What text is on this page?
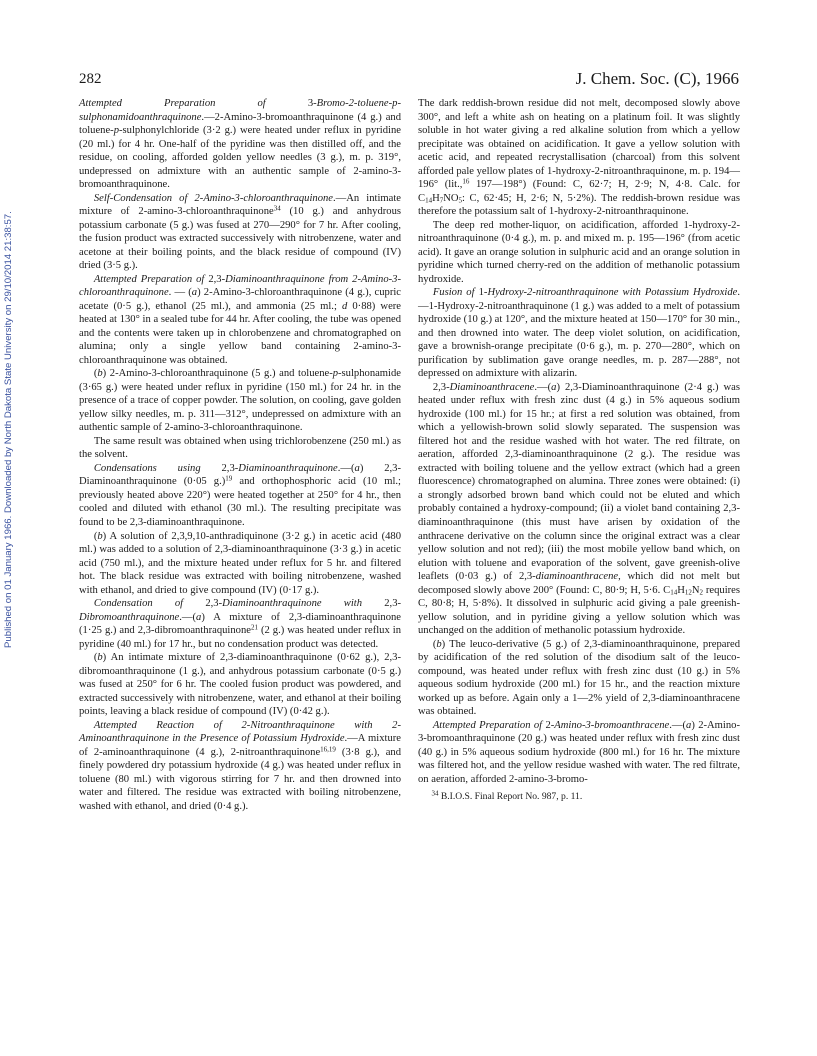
Published on 01 January 1966. Downloaded by North Dakota State University on 29/10/2014 21:38:57.
282	J. Chem. Soc. (C), 1966

Attempted Preparation of 3-Bromo-2-toluene-p-sulphonamidoanthraquinone.—2-Amino-3-bromoanthraquinone (4 g.) and toluene-p-sulphonylchloride (3·2 g.) were heated under reflux in pyridine (20 ml.) for 4 hr. One-half of the pyridine was then distilled off, and the residue, on cooling, afforded golden yellow needles (3 g.), m. p. 319°, undepressed on admixture with an authentic sample of 2-amino-3-bromoanthraquinone.

Self-Condensation of 2-Amino-3-chloroanthraquinone.—An intimate mixture of 2-amino-3-chloroanthraquinone$^{34}$ (10 g.) and anhydrous potassium carbonate (5 g.) was fused at 270—290° for 7 hr. After cooling, the fusion product was extracted successively with nitrobenzene, water and acetone at their boiling points, and the black residue of compound (IV) dried (3·5 g.).

Attempted Preparation of 2,3-Diaminoanthraquinone from 2-Amino-3-chloroanthraquinone. — (a) 2-Amino-3-chloroanthraquinone (4 g.), cupric acetate (0·5 g.), ethanol (25 ml.), and ammonia (25 ml.; d 0·88) were heated at 130° in a sealed tube for 44 hr. After cooling, the tube was opened and the contents were taken up in chlorobenzene and chromatographed on alumina; only a single yellow band containing 2-amino-3-chloroanthraquinone was obtained.

(b) 2-Amino-3-chloroanthraquinone (5 g.) and toluene-p-sulphonamide (3·65 g.) were heated under reflux in pyridine (150 ml.) for 24 hr. in the presence of a trace of copper powder. The solution, on cooling, gave golden yellow silky needles, m. p. 311—312°, undepressed on admixture with an authentic sample of 2-amino-3-chloroanthraquinone.

The same result was obtained when using trichlorobenzene (250 ml.) as the solvent.

Condensations using 2,3-Diaminoanthraquinone.—(a) 2,3-Diaminoanthraquinone (0·05 g.)$^{19}$ and orthophosphoric acid (10 ml.; previously heated above 220°) were heated together at 250° for 4 hr., then cooled and diluted with ethanol (30 ml.). The resulting precipitate was found to be 2,3-diaminoanthraquinone.

(b) A solution of 2,3,9,10-anthradiquinone (3·2 g.) in acetic acid (480 ml.) was added to a solution of 2,3-diaminoanthraquinone (3·3 g.) in acetic acid (750 ml.), and the mixture heated under reflux for 5 hr. and filtered hot. The black residue was extracted with boiling nitrobenzene, washed with ethanol, and dried to give compound (IV) (0·17 g.).

Condensation of 2,3-Diaminoanthraquinone with 2,3-Dibromoanthraquinone.—(a) A mixture of 2,3-diaminoanthraquinone (1·25 g.) and 2,3-dibromoanthraquinone$^{21}$ (2 g.) was heated under reflux in pyridine (40 ml.) for 17 hr., but no condensation product was detected.

(b) An intimate mixture of 2,3-diaminoanthraquinone (0·62 g.), 2,3-dibromoanthraquinone (1 g.), and anhydrous potassium carbonate (0·5 g.) was fused at 250° for 6 hr. The cooled fusion product was powdered, and extracted successively with nitrobenzene, water, and ethanol at their boiling points, leaving a black residue of compound (IV) (0·42 g.).

Attempted Reaction of 2-Nitroanthraquinone with 2-Aminoanthraquinone in the Presence of Potassium Hydroxide.—A mixture of 2-aminoanthraquinone (4 g.), 2-nitroanthraquinone$^{16,19}$ (3·8 g.), and finely powdered dry potassium hydroxide (4 g.) was heated under reflux in toluene (80 ml.) with vigorous stirring for 7 hr. and then drowned into water and filtered. The residue was extracted with boiling nitrobenzene, washed with ethanol, and dried (0·4 g.).

The dark reddish-brown residue did not melt, decomposed slowly above 300°, and left a white ash on heating on a platinum foil. It was slightly soluble in hot water giving a red alkaline solution from which a yellow precipitate was obtained on acidification. It gave a yellow solution with acetic acid, and repeated recrystallisation (charcoal) from this solvent afforded pale yellow plates of 1-hydroxy-2-nitroanthraquinone, m. p. 194—196° (lit.,$^{16}$ 197—198°) (Found: C, 62·7; H, 2·9; N, 4·8. Calc. for $C_{14}H_7NO_5$: C, 62·45; H, 2·6; N, 5·2%). The reddish-brown residue was therefore the potassium salt of 1-hydroxy-2-nitroanthraquinone.

The deep red mother-liquor, on acidification, afforded 1-hydroxy-2-nitroanthraquinone (0·4 g.), m. p. and mixed m. p. 195—196° (from acetic acid). It gave an orange solution in sulphuric acid and an orange solution in pyridine which turned cherry-red on the addition of methanolic potassium hydroxide.

Fusion of 1-Hydroxy-2-nitroanthraquinone with Potassium Hydroxide.—1-Hydroxy-2-nitroanthraquinone (1 g.) was added to a melt of potassium hydroxide (10 g.) at 120°, and the mixture heated at 150—170° for 30 min., and then drowned into water. The deep violet solution, on acidification, gave a brownish-orange precipitate (0·6 g.), m. p. 270—280°, which on purification by sublimation gave orange needles, m. p. 287—288°, not depressed on admixture with alizarin.

2,3-Diaminoanthracene.—(a) 2,3-Diaminoanthraquinone (2·4 g.) was heated under reflux with fresh zinc dust (4 g.) in 5% aqueous sodium hydroxide (100 ml.) for 15 hr.; at first a red solution was obtained, from which a yellowish-brown solid slowly separated. The suspension was filtered hot and the residue washed with hot water. The red filtrate, on aeration, afforded 2,3-diaminoanthraquinone (2 g.). The residue was extracted with boiling toluene and the yellow extract (which had a green fluorescence) chromatographed on alumina. Three zones were obtained: (i) a strongly adsorbed brown band which could not be eluted and which probably contained a hydroxy-compound; (ii) a violet band containing 2,3-diaminoanthraquinone (this must have arisen by oxidation of the anthracene derivative on the column since the original extract was a clear yellow solution and not red); (iii) the most mobile yellow band which, on elution with toluene and evaporation of the solvent, gave greenish-olive leaflets (0·03 g.) of 2,3-diaminoanthracene, which did not melt but decomposed slowly above 200° (Found: C, 80·9; H, 5·6. $C_{14}H_{12}N_2$ requires C, 80·8; H, 5·8%). It dissolved in sulphuric acid giving a pale greenish-yellow solution, and in pyridine giving a yellow solution which was unchanged on the addition of methanolic potassium hydroxide.

(b) The leuco-derivative (5 g.) of 2,3-diaminoanthraquinone, prepared by acidification of the red solution of the disodium salt of the leuco-compound, was heated under reflux with fresh zinc dust (10 g.) in 5% aqueous sodium hydroxide (200 ml.) for 15 hr., and the reaction mixture worked up as before. Again only a 1—2% yield of 2,3-diaminoanthracene was obtained.

Attempted Preparation of 2-Amino-3-bromoanthracene.—(a) 2-Amino-3-bromoanthraquinone (20 g.) was heated under reflux with fresh zinc dust (40 g.) in 5% aqueous sodium hydroxide (800 ml.) for 16 hr. The mixture was filtered hot, and the yellow residue washed with water. The red filtrate, on aeration, afforded 2-amino-3-bromo-

$^{34}$ B.I.O.S. Final Report No. 987, p. 11.
